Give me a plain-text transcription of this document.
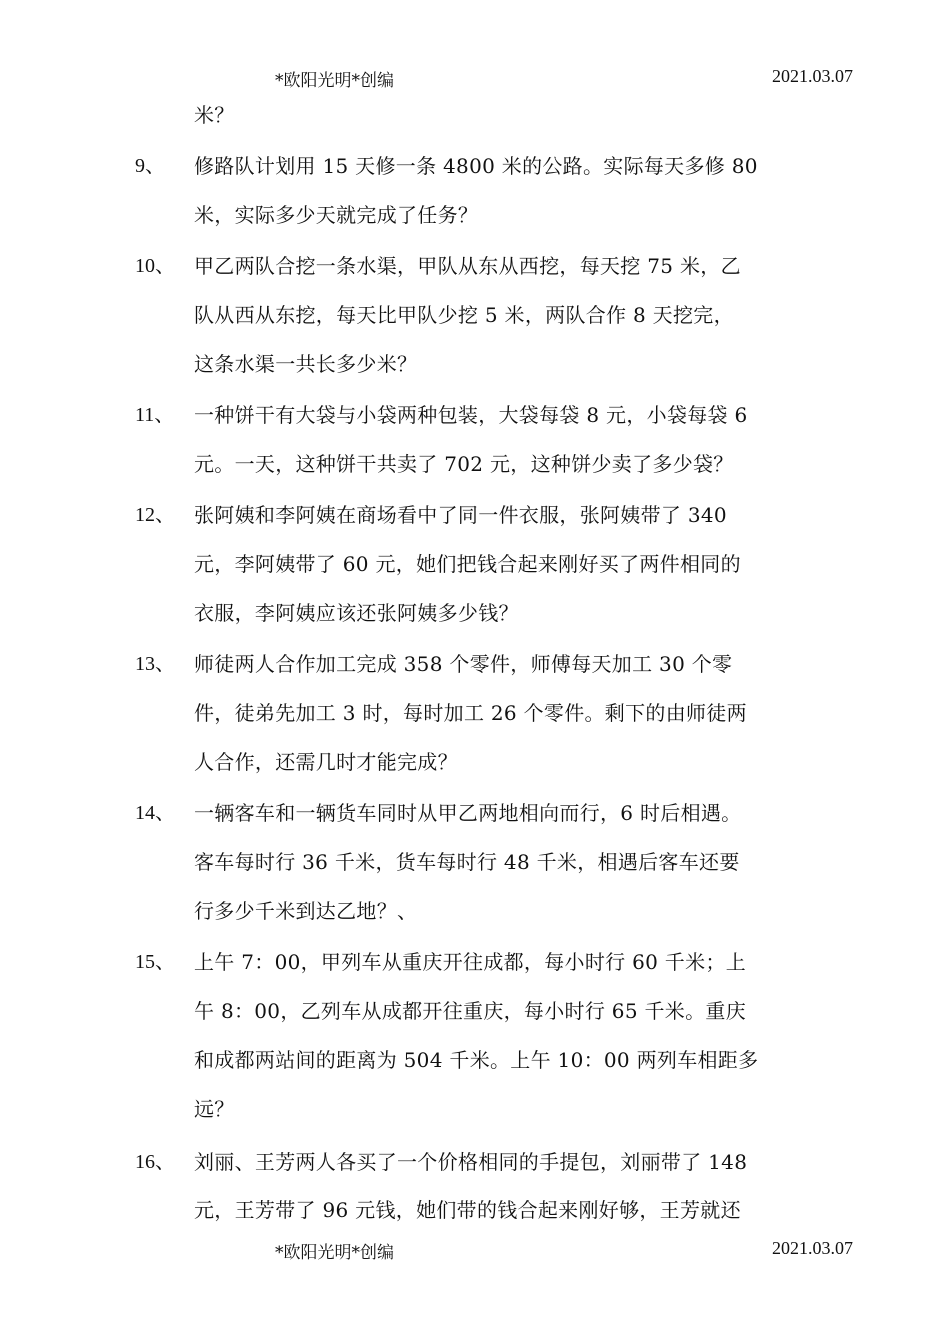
*欧阳光明*创编	2021.03.07
米？
9、	修路队计划用 15 天修一条 4800 米的公路。实际每天多修 80
米，实际多少天就完成了任务？
10、 甲乙两队合挖一条水渠，甲队从东从西挖，每天挖 75 米，乙
队从西从东挖，每天比甲队少挖 5 米，两队合作 8 天挖完，
这条水渠一共长多少米？
11、 一种饼干有大袋与小袋两种包装，大袋每袋 8 元，小袋每袋 6
元。一天，这种饼干共卖了 702 元，这种饼少卖了多少袋？
12、 张阿姨和李阿姨在商场看中了同一件衣服，张阿姨带了 340
元，李阿姨带了 60 元，她们把钱合起来刚好买了两件相同的
衣服，李阿姨应该还张阿姨多少钱？
13、 师徒两人合作加工完成 358 个零件，师傅每天加工 30 个零
件，徒弟先加工 3 时，每时加工 26 个零件。剩下的由师徒两
人合作，还需几时才能完成？
14、 一辆客车和一辆货车同时从甲乙两地相向而行，6 时后相遇。
客车每时行 36 千米，货车每时行 48 千米，相遇后客车还要
行多少千米到达乙地？、
15、 上午 7：00，甲列车从重庆开往成都，每小时行 60 千米；上
午 8：00，乙列车从成都开往重庆，每小时行 65 千米。重庆
和成都两站间的距离为 504 千米。上午 10：00 两列车相距多
远？
16、 刘丽、王芳两人各买了一个价格相同的手提包，刘丽带了 148
元，王芳带了 96 元钱，她们带的钱合起来刚好够，王芳就还
*欧阳光明*创编	2021.03.07
